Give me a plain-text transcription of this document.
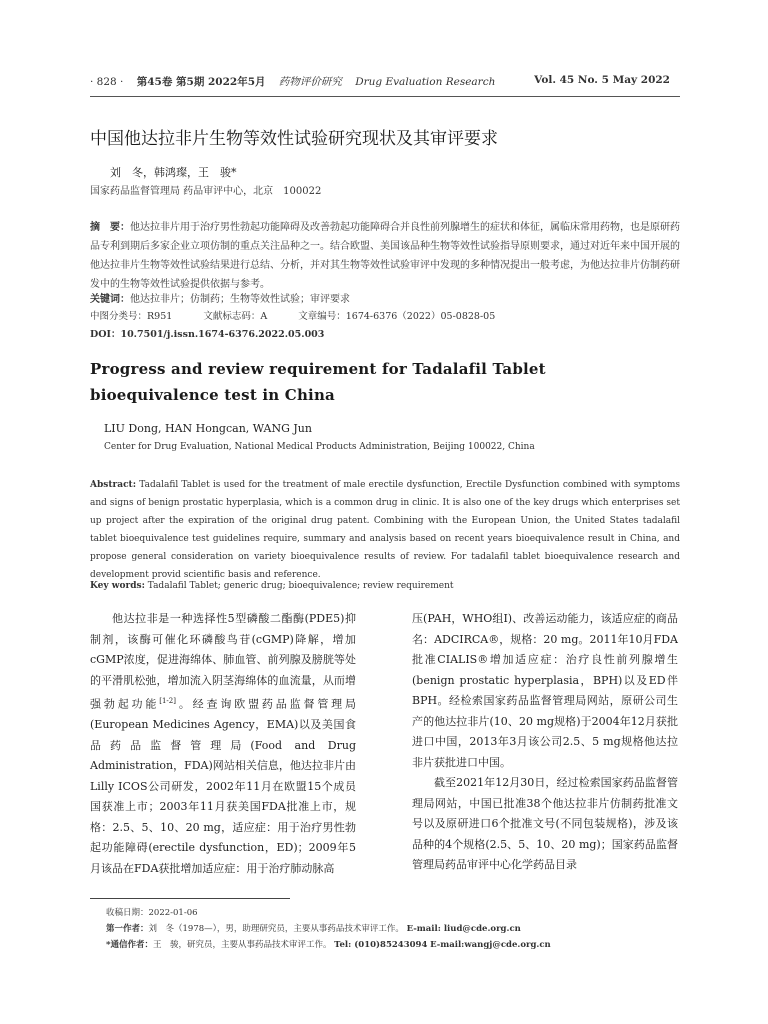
· 828 · 第45卷 第5期 2022年5月 药物评价研究 Drug Evaluation Research	Vol. 45 No. 5 May 2022
中国他达拉非片生物等效性试验研究现状及其审评要求
刘　冬，韩鸿璨，王　骏*
国家药品监督管理局 药品审评中心，北京　100022
摘　要：他达拉非片用于治疗男性勃起功能障碍及改善勃起功能障碍合并良性前列腺增生的症状和体征，属临床常用药物，也是原研药品专利到期后多家企业立项仿制的重点关注品种之一。结合欧盟、美国该品种生物等效性试验指导原则要求，通过对近年来中国开展的他达拉非片生物等效性试验结果进行总结、分析，并对其生物等效性试验审评中发现的多种情况提出一般考虑，为他达拉非片仿制药研发中的生物等效性试验提供依据与参考。
关键词：他达拉非片；仿制药；生物等效性试验；审评要求
中图分类号：R951	文献标志码：A	文章编号：1674-6376（2022）05-0828-05
DOI：10.7501/j.issn.1674-6376.2022.05.003
Progress and review requirement for Tadalafil Tablet bioequivalence test in China
LIU Dong, HAN Hongcan, WANG Jun
Center for Drug Evaluation, National Medical Products Administration, Beijing 100022, China
Abstract: Tadalafil Tablet is used for the treatment of male erectile dysfunction, Erectile Dysfunction combined with symptoms and signs of benign prostatic hyperplasia, which is a common drug in clinic. It is also one of the key drugs which enterprises set up project after the expiration of the original drug patent. Combining with the European Union, the United States tadalafil tablet bioequivalence test guidelines require, summary and analysis based on recent years bioequivalence result in China, and propose general consideration on variety bioequivalence results of review. For tadalafil tablet bioequivalence research and development provid scientific basis and reference.
Key words: Tadalafil Tablet; generic drug; bioequivalence; review requirement

他达拉非是一种选择性5型磷酸二酯酶(PDE5)抑制剂，该酶可催化环磷酸鸟苷(cGMP)降解，增加cGMP浓度，促进海绵体、肺血管、前列腺及膀胱等处的平滑肌松弛，增加流入阴茎海绵体的血流量，从而增强勃起功能[1-2]。经查询欧盟药品监督管理局(European Medicines Agency，EMA)以及美国食品药品监督管理局(Food and Drug Administration，FDA)网站相关信息，他达拉非片由Lilly ICOS公司研发，2002年11月在欧盟15个成员国获准上市；2003年11月获美国FDA批准上市，规格：2.5、5、10、20 mg，适应症：用于治疗男性勃起功能障碍(erectile dysfunction，ED)；2009年5月该品在FDA获批增加适应症：用于治疗肺动脉高

压(PAH，WHO组I)、改善运动能力，该适应症的商品名：ADCIRCA®，规格：20 mg。2011年10月FDA批准CIALIS®增加适应症：治疗良性前列腺增生(benign prostatic hyperplasia，BPH)以及ED伴BPH。经检索国家药品监督管理局网站，原研公司生产的他达拉非片(10、20 mg规格)于2004年12月获批进口中国，2013年3月该公司2.5、5 mg规格他达拉非片获批进口中国。

截至2021年12月30日，经过检索国家药品监督管理局网站，中国已批准38个他达拉非片仿制药批准文号以及原研进口6个批准文号(不同包装规格)，涉及该品种的4个规格(2.5、5、10、20 mg)；国家药品监督管理局药品审评中心化学药品目录

收稿日期：2022-01-06
第一作者：刘　冬（1978—），男，助理研究员，主要从事药品技术审评工作。 E-mail: liud@cde.org.cn
*通信作者：王　骏，研究员，主要从事药品技术审评工作。 Tel: (010)85243094 E-mail:wangj@cde.org.cn
